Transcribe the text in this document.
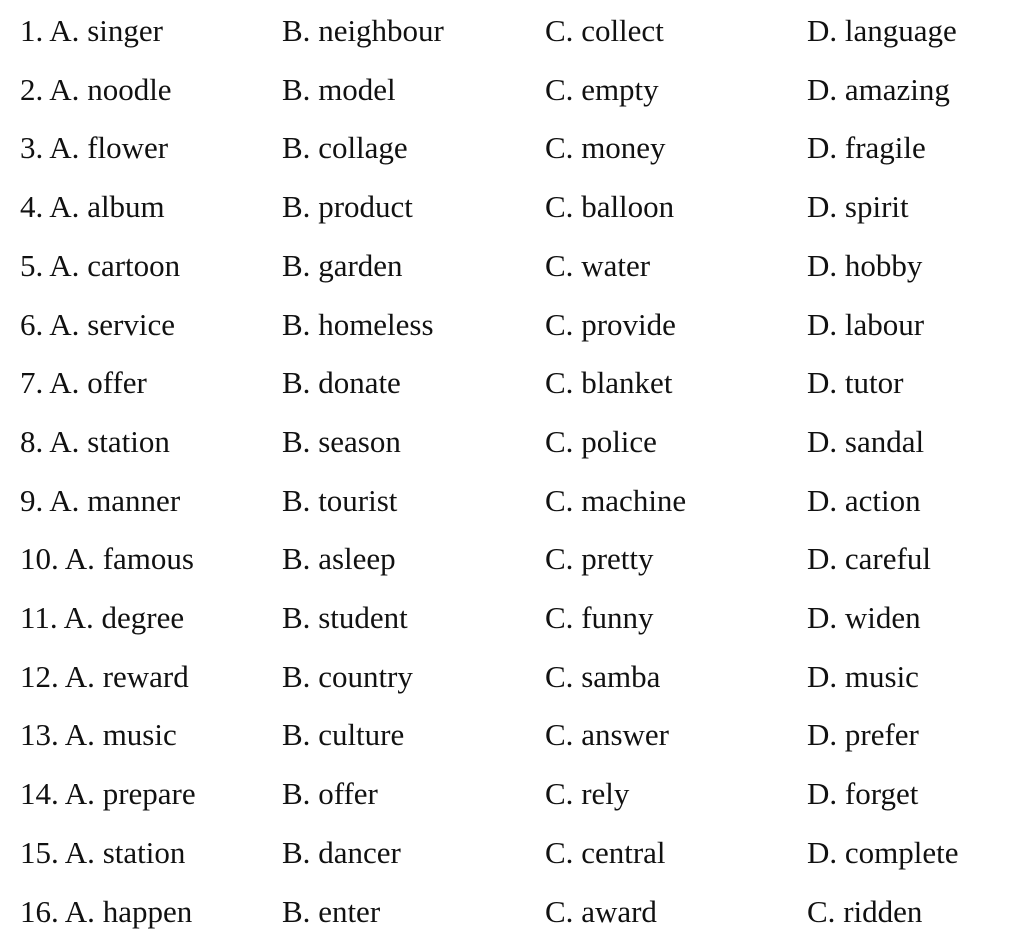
1. A. singer	B. neighbour	C. collect	D. language
2. A. noodle	B. model	C. empty	D. amazing
3. A. flower	B. collage	C. money	D. fragile
4. A. album	B. product	C. balloon	D. spirit
5. A. cartoon	B. garden	C. water	D. hobby
6. A. service	B. homeless	C. provide	D. labour
7. A. offer	B. donate	C. blanket	D. tutor
8. A. station	B. season	C. police	D. sandal
9. A. manner	B. tourist	C. machine	D. action
10. A. famous	B. asleep	C. pretty	D. careful
11. A. degree	B. student	C. funny	D. widen
12. A. reward	B. country	C. samba	D. music
13. A. music	B. culture	C. answer	D. prefer
14. A. prepare	B. offer	C. rely	D. forget
15. A. station	B. dancer	C. central	D. complete
16. A. happen	B. enter	C. award	C. ridden
